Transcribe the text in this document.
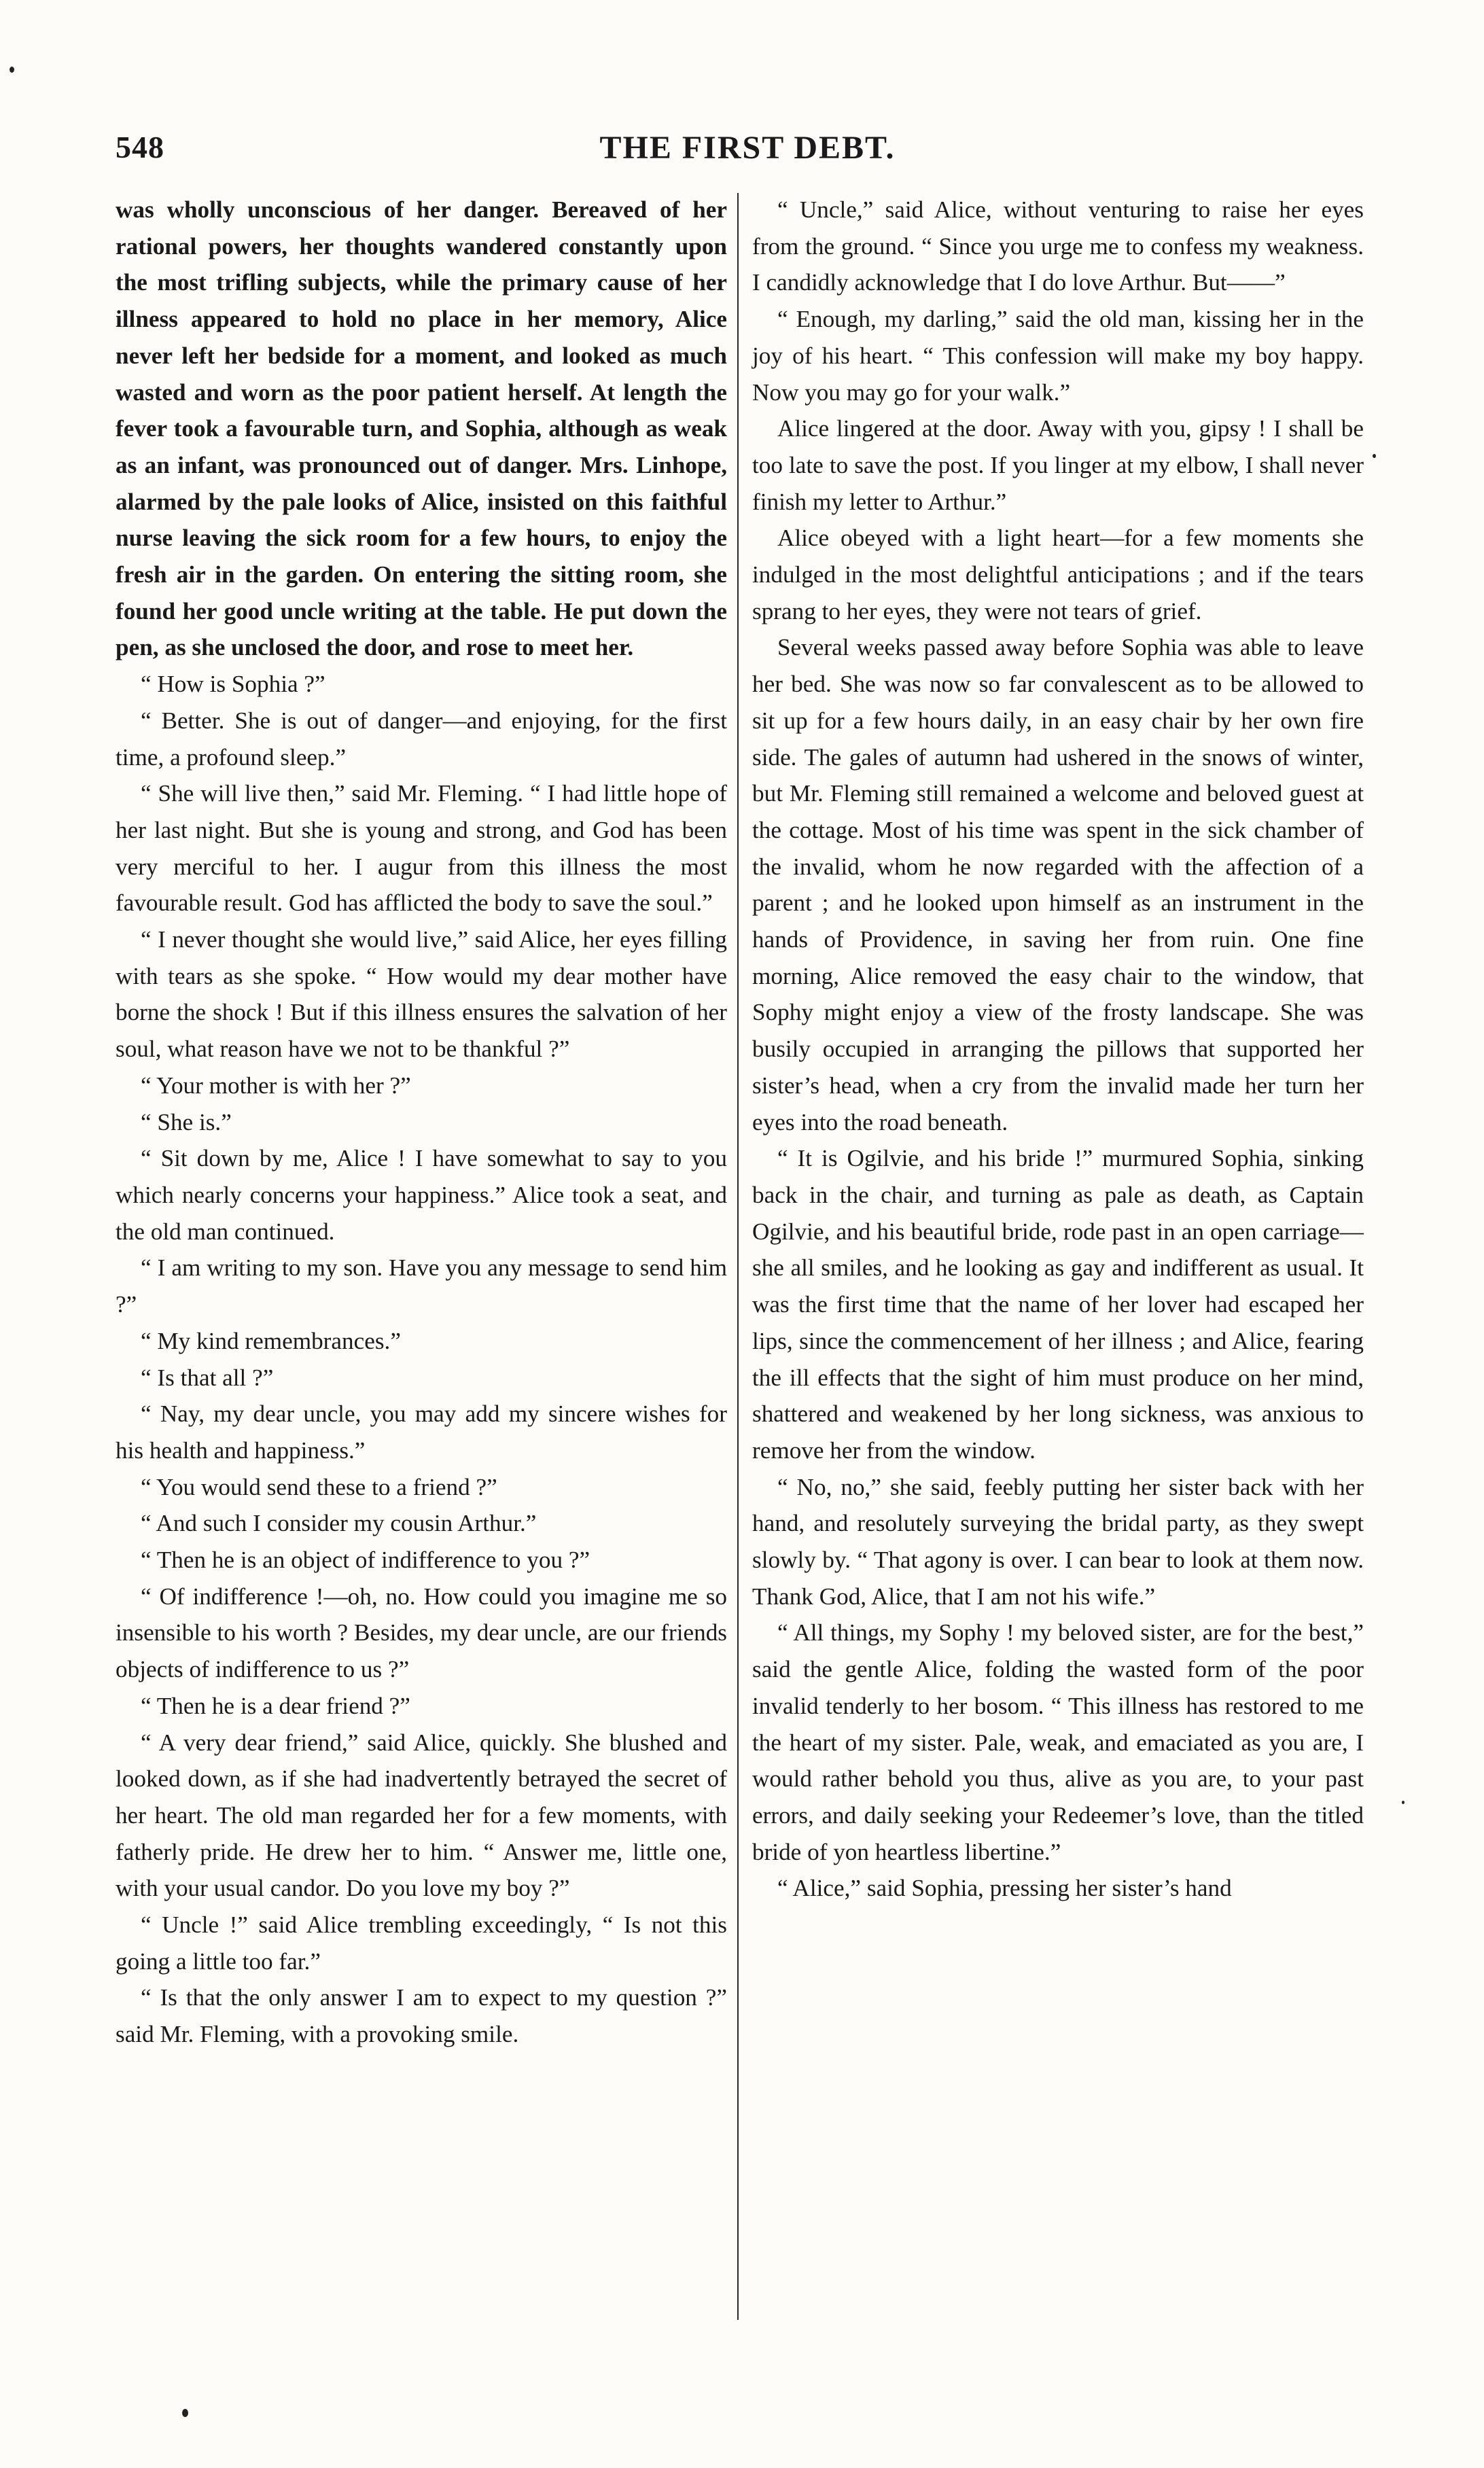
548	THE FIRST DEBT.

was wholly unconscious of her danger. Bereaved of her rational powers, her thoughts wandered constantly upon the most trifling subjects, while the primary cause of her illness appeared to hold no place in her memory, Alice never left her bedside for a moment, and looked as much wasted and worn as the poor patient herself. At length the fever took a favourable turn, and Sophia, although as weak as an infant, was pronounced out of danger. Mrs. Linhope, alarmed by the pale looks of Alice, insisted on this faithful nurse leaving the sick room for a few hours, to enjoy the fresh air in the garden. On entering the sitting room, she found her good uncle writing at the table. He put down the pen, as she unclosed the door, and rose to meet her.

“ How is Sophia ?”

“ Better. She is out of danger—and enjoying, for the first time, a profound sleep.”

“ She will live then,” said Mr. Fleming. “ I had little hope of her last night. But she is young and strong, and God has been very merciful to her. I augur from this illness the most favourable result. God has afflicted the body to save the soul.”

“ I never thought she would live,” said Alice, her eyes filling with tears as she spoke. “ How would my dear mother have borne the shock ! But if this illness ensures the salvation of her soul, what reason have we not to be thankful ?”

“ Your mother is with her ?”

“ She is.”

“ Sit down by me, Alice ! I have somewhat to say to you which nearly concerns your happiness.” Alice took a seat, and the old man continued.

“ I am writing to my son. Have you any message to send him ?”

“ My kind remembrances.”

“ Is that all ?”

“ Nay, my dear uncle, you may add my sincere wishes for his health and happiness.”

“ You would send these to a friend ?”

“ And such I consider my cousin Arthur.”

“ Then he is an object of indifference to you ?”

“ Of indifference !—oh, no. How could you imagine me so insensible to his worth ? Besides, my dear uncle, are our friends objects of indifference to us ?”

“ Then he is a dear friend ?”

“ A very dear friend,” said Alice, quickly. She blushed and looked down, as if she had inadvertently betrayed the secret of her heart. The old man regarded her for a few moments, with fatherly pride. He drew her to him. “ Answer me, little one, with your usual candor. Do you love my boy ?”

“ Uncle !” said Alice trembling exceedingly, “ Is not this going a little too far.”

“ Is that the only answer I am to expect to my question ?” said Mr. Fleming, with a provoking smile.

“ Uncle,” said Alice, without venturing to raise her eyes from the ground. “ Since you urge me to confess my weakness. I candidly acknowledge that I do love Arthur. But——”

“ Enough, my darling,” said the old man, kissing her in the joy of his heart. “ This confession will make my boy happy. Now you may go for your walk.”

Alice lingered at the door. Away with you, gipsy ! I shall be too late to save the post. If you linger at my elbow, I shall never finish my letter to Arthur.”

Alice obeyed with a light heart—for a few moments she indulged in the most delightful anticipations ; and if the tears sprang to her eyes, they were not tears of grief.

Several weeks passed away before Sophia was able to leave her bed. She was now so far convalescent as to be allowed to sit up for a few hours daily, in an easy chair by her own fire side. The gales of autumn had ushered in the snows of winter, but Mr. Fleming still remained a welcome and beloved guest at the cottage. Most of his time was spent in the sick chamber of the invalid, whom he now regarded with the affection of a parent ; and he looked upon himself as an instrument in the hands of Providence, in saving her from ruin. One fine morning, Alice removed the easy chair to the window, that Sophy might enjoy a view of the frosty landscape. She was busily occupied in arranging the pillows that supported her sister’s head, when a cry from the invalid made her turn her eyes into the road beneath.

“ It is Ogilvie, and his bride !” murmured Sophia, sinking back in the chair, and turning as pale as death, as Captain Ogilvie, and his beautiful bride, rode past in an open carriage—she all smiles, and he looking as gay and indifferent as usual. It was the first time that the name of her lover had escaped her lips, since the commencement of her illness ; and Alice, fearing the ill effects that the sight of him must produce on her mind, shattered and weakened by her long sickness, was anxious to remove her from the window.

“ No, no,” she said, feebly putting her sister back with her hand, and resolutely surveying the bridal party, as they swept slowly by. “ That agony is over. I can bear to look at them now. Thank God, Alice, that I am not his wife.”

“ All things, my Sophy ! my beloved sister, are for the best,” said the gentle Alice, folding the wasted form of the poor invalid tenderly to her bosom. “ This illness has restored to me the heart of my sister. Pale, weak, and emaciated as you are, I would rather behold you thus, alive as you are, to your past errors, and daily seeking your Redeemer’s love, than the titled bride of yon heartless libertine.”

“ Alice,” said Sophia, pressing her sister’s hand
